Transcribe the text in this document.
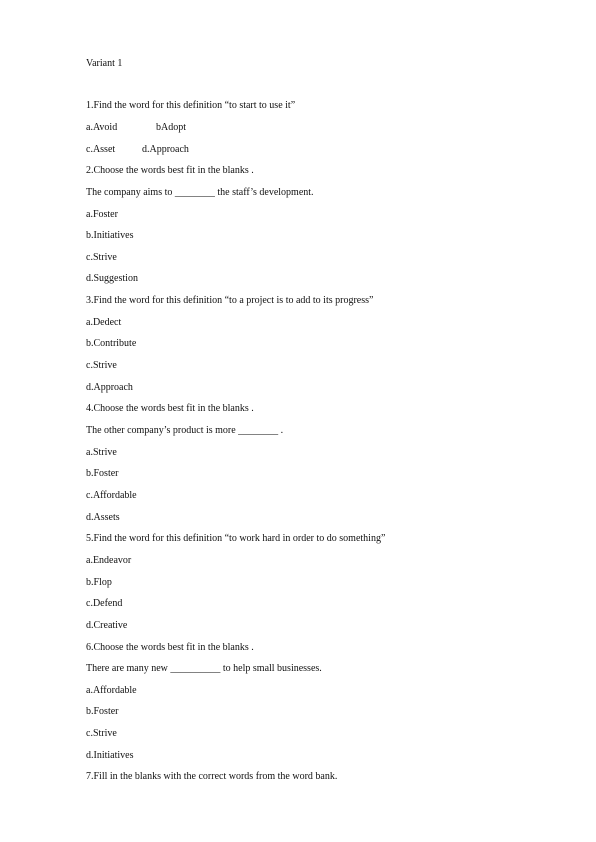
Variant 1
1.Find the word for this definition “to start to use it”
a.Avoid	bAdopt
c.Asset	d.Approach
2.Choose the words best fit in the blanks .
The company aims to ________ the staff’s development.
a.Foster
b.Initiatives
c.Strive
d.Suggestion
3.Find the word for this definition “to a project is to add to its progress”
a.Dedect
b.Contribute
c.Strive
d.Approach
4.Choose the words best fit in the blanks .
The other company’s product is more ________ .
a.Strive
b.Foster
c.Affordable
d.Assets
5.Find the word for this definition “to work hard in order to do something”
a.Endeavor
b.Flop
c.Defend
d.Creative
6.Choose the words best fit in the blanks .
There are many new __________ to help small businesses.
a.Affordable
b.Foster
c.Strive
d.Initiatives
7.Fill in the blanks with the correct words from the word bank.
